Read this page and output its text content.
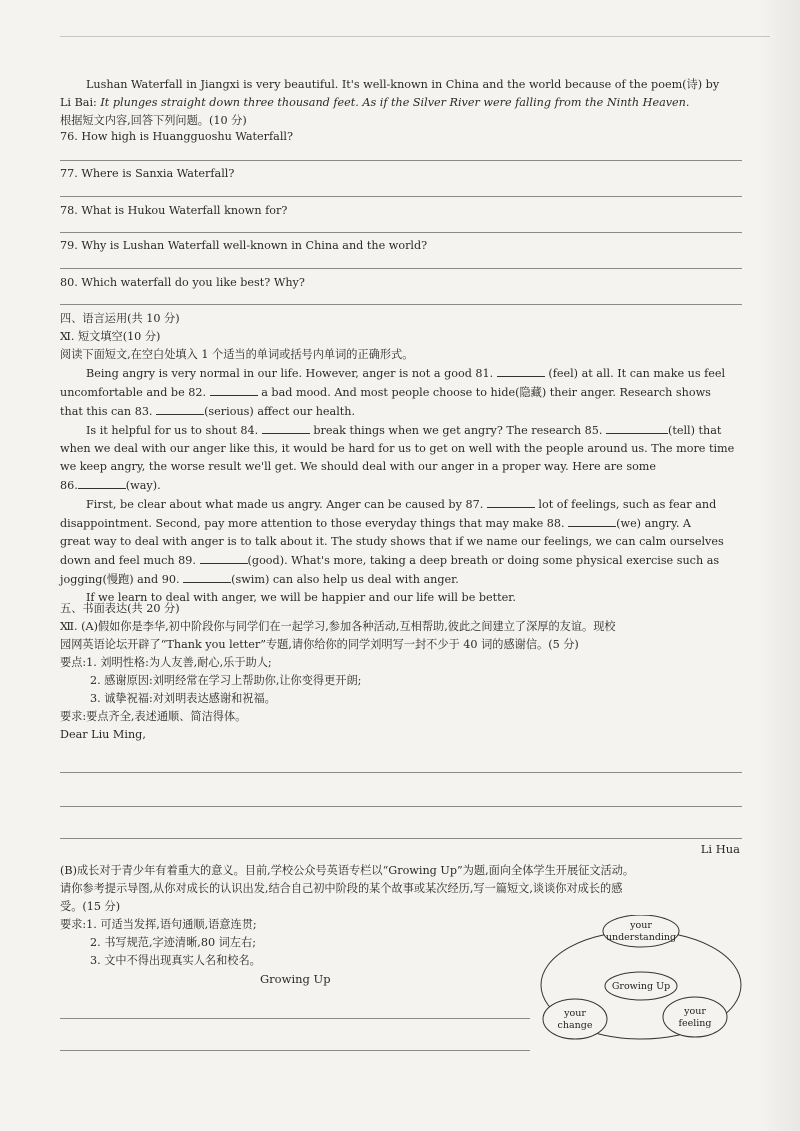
Lushan Waterfall in Jiangxi is very beautiful. It's well-known in China and the world because of the poem(诗) by

Li Bai: It plunges straight down three thousand feet. As if the Silver River were falling from the Ninth Heaven.

根据短文内容,回答下列问题。(10 分)

76. How high is Huangguoshu Waterfall?
77. Where is Sanxia Waterfall?
78. What is Hukou Waterfall known for?
79. Why is Lushan Waterfall well-known in China and the world?
80. Which waterfall do you like best? Why?

四、语言运用(共 10 分)

Ⅺ. 短文填空(10 分)

阅读下面短文,在空白处填入 1 个适当的单词或括号内单词的正确形式。

Being angry is very normal in our life. However, anger is not a good 81.	(feel) at all. It can make us feel

uncomfortable and be 82.	a bad mood. And most people choose to hide(隐藏) their anger. Research shows

that this can 83.	(serious) affect our health.

Is it helpful for us to shout 84.	break things when we get angry? The research 85.	(tell) that

when we deal with our anger like this, it would be hard for us to get on well with the people around us. The more time

we keep angry, the worse result we'll get. We should deal with our anger in a proper way. Here are some

86.	(way).

First, be clear about what made us angry. Anger can be caused by 87.	lot of feelings, such as fear and

disappointment. Second, pay more attention to those everyday things that may make 88.	(we) angry. A

great way to deal with anger is to talk about it. The study shows that if we name our feelings, we can calm ourselves

down and feel much 89.	(good). What's more, taking a deep breath or doing some physical exercise such as

jogging(慢跑) and 90.	(swim) can also help us deal with anger.

If we learn to deal with anger, we will be happier and our life will be better.

五、书面表达(共 20 分)

Ⅻ. (A)假如你是李华,初中阶段你与同学们在一起学习,参加各种活动,互相帮助,彼此之间建立了深厚的友谊。现校

园网英语论坛开辟了“Thank you letter”专题,请你给你的同学刘明写一封不少于 40 词的感谢信。(5 分)

要点:1. 刘明性格:为人友善,耐心,乐于助人;

2. 感谢原因:刘明经常在学习上帮助你,让你变得更开朗;

3. 诚挚祝福:对刘明表达感谢和祝福。

要求:要点齐全,表述通顺、简洁得体。

Dear Liu Ming,

Li Hua

(B)成长对于青少年有着重大的意义。目前,学校公众号英语专栏以“Growing Up”为题,面向全体学生开展征文活动。

请你参考提示导图,从你对成长的认识出发,结合自己初中阶段的某个故事或某次经历,写一篇短文,谈谈你对成长的感

受。(15 分)

要求:1. 可适当发挥,语句通顺,语意连贯;

2. 书写规范,字迹清晰,80 词左右;

3. 文中不得出现真实人名和校名。

Growing Up
your
understanding
Growing Up
your
change
your
feeling
